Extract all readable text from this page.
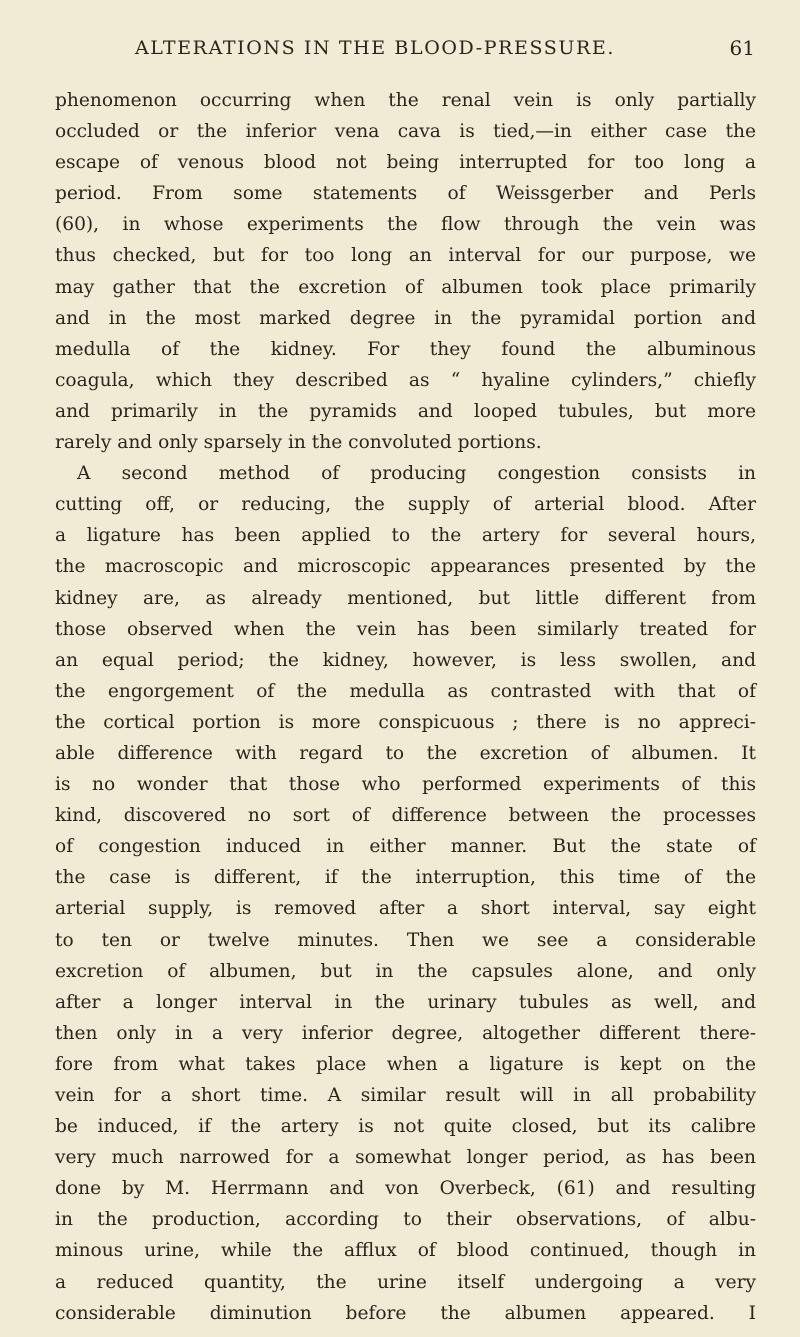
ALTERATIONS IN THE BLOOD-PRESSURE.	61
phenomenon occurring when the renal vein is only partially
occluded or the inferior vena cava is tied,—in either case the
escape of venous blood not being interrupted for too long a
period. From some statements of Weissgerber and Perls
(60), in whose experiments the flow through the vein was
thus checked, but for too long an interval for our purpose, we
may gather that the excretion of albumen took place primarily
and in the most marked degree in the pyramidal portion and
medulla of the kidney. For they found the albuminous
coagula, which they described as “ hyaline cylinders,” chiefly
and primarily in the pyramids and looped tubules, but more
rarely and only sparsely in the convoluted portions.
A second method of producing congestion consists in
cutting off, or reducing, the supply of arterial blood. After
a ligature has been applied to the artery for several hours,
the macroscopic and microscopic appearances presented by the
kidney are, as already mentioned, but little different from
those observed when the vein has been similarly treated for
an equal period; the kidney, however, is less swollen, and
the engorgement of the medulla as contrasted with that of
the cortical portion is more conspicuous ; there is no appreci-
able difference with regard to the excretion of albumen. It
is no wonder that those who performed experiments of this
kind, discovered no sort of difference between the processes
of congestion induced in either manner. But the state of
the case is different, if the interruption, this time of the
arterial supply, is removed after a short interval, say eight
to ten or twelve minutes. Then we see a considerable
excretion of albumen, but in the capsules alone, and only
after a longer interval in the urinary tubules as well, and
then only in a very inferior degree, altogether different there-
fore from what takes place when a ligature is kept on the
vein for a short time. A similar result will in all probability
be induced, if the artery is not quite closed, but its calibre
very much narrowed for a somewhat longer period, as has been
done by M. Herrmann and von Overbeck, (61) and resulting
in the production, according to their observations, of albu-
minous urine, while the afflux of blood continued, though in
a reduced quantity, the urine itself undergoing a very
considerable diminution before the albumen appeared. I
